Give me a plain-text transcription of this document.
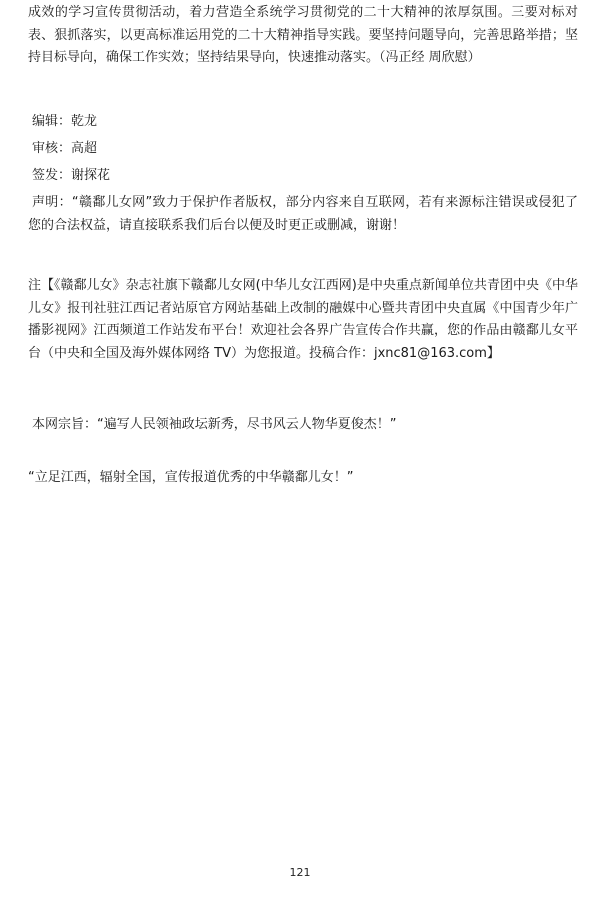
成效的学习宣传贯彻活动，着力营造全系统学习贯彻党的二十大精神的浓厚氛围。三要对标对表、狠抓落实，以更高标准运用党的二十大精神指导实践。要坚持问题导向，完善思路举措；坚持目标导向，确保工作实效；坚持结果导向，快速推动落实。（冯正经 周欣慰）

编辑：乾龙
审核：高超
签发：谢探花

声明：“赣鄱儿女网”致力于保护作者版权，部分内容来自互联网，若有来源标注错误或侵犯了您的合法权益，请直接联系我们后台以便及时更正或删减，谢谢！

注【《赣鄱儿女》杂志社旗下赣鄱儿女网(中华儿女江西网)是中央重点新闻单位共青团中央《中华儿女》报刊社驻江西记者站原官方网站基础上改制的融媒中心暨共青团中央直属《中国青少年广播影视网》江西频道工作站发布平台！欢迎社会各界广告宣传合作共赢，您的作品由赣鄱儿女平台（中央和全国及海外媒体网络 TV）为您报道。投稿合作：jxnc81@163.com】

本网宗旨：“遍写人民领袖政坛新秀，尽书风云人物华夏俊杰！”
“立足江西，辐射全国，宣传报道优秀的中华赣鄱儿女！”
121
